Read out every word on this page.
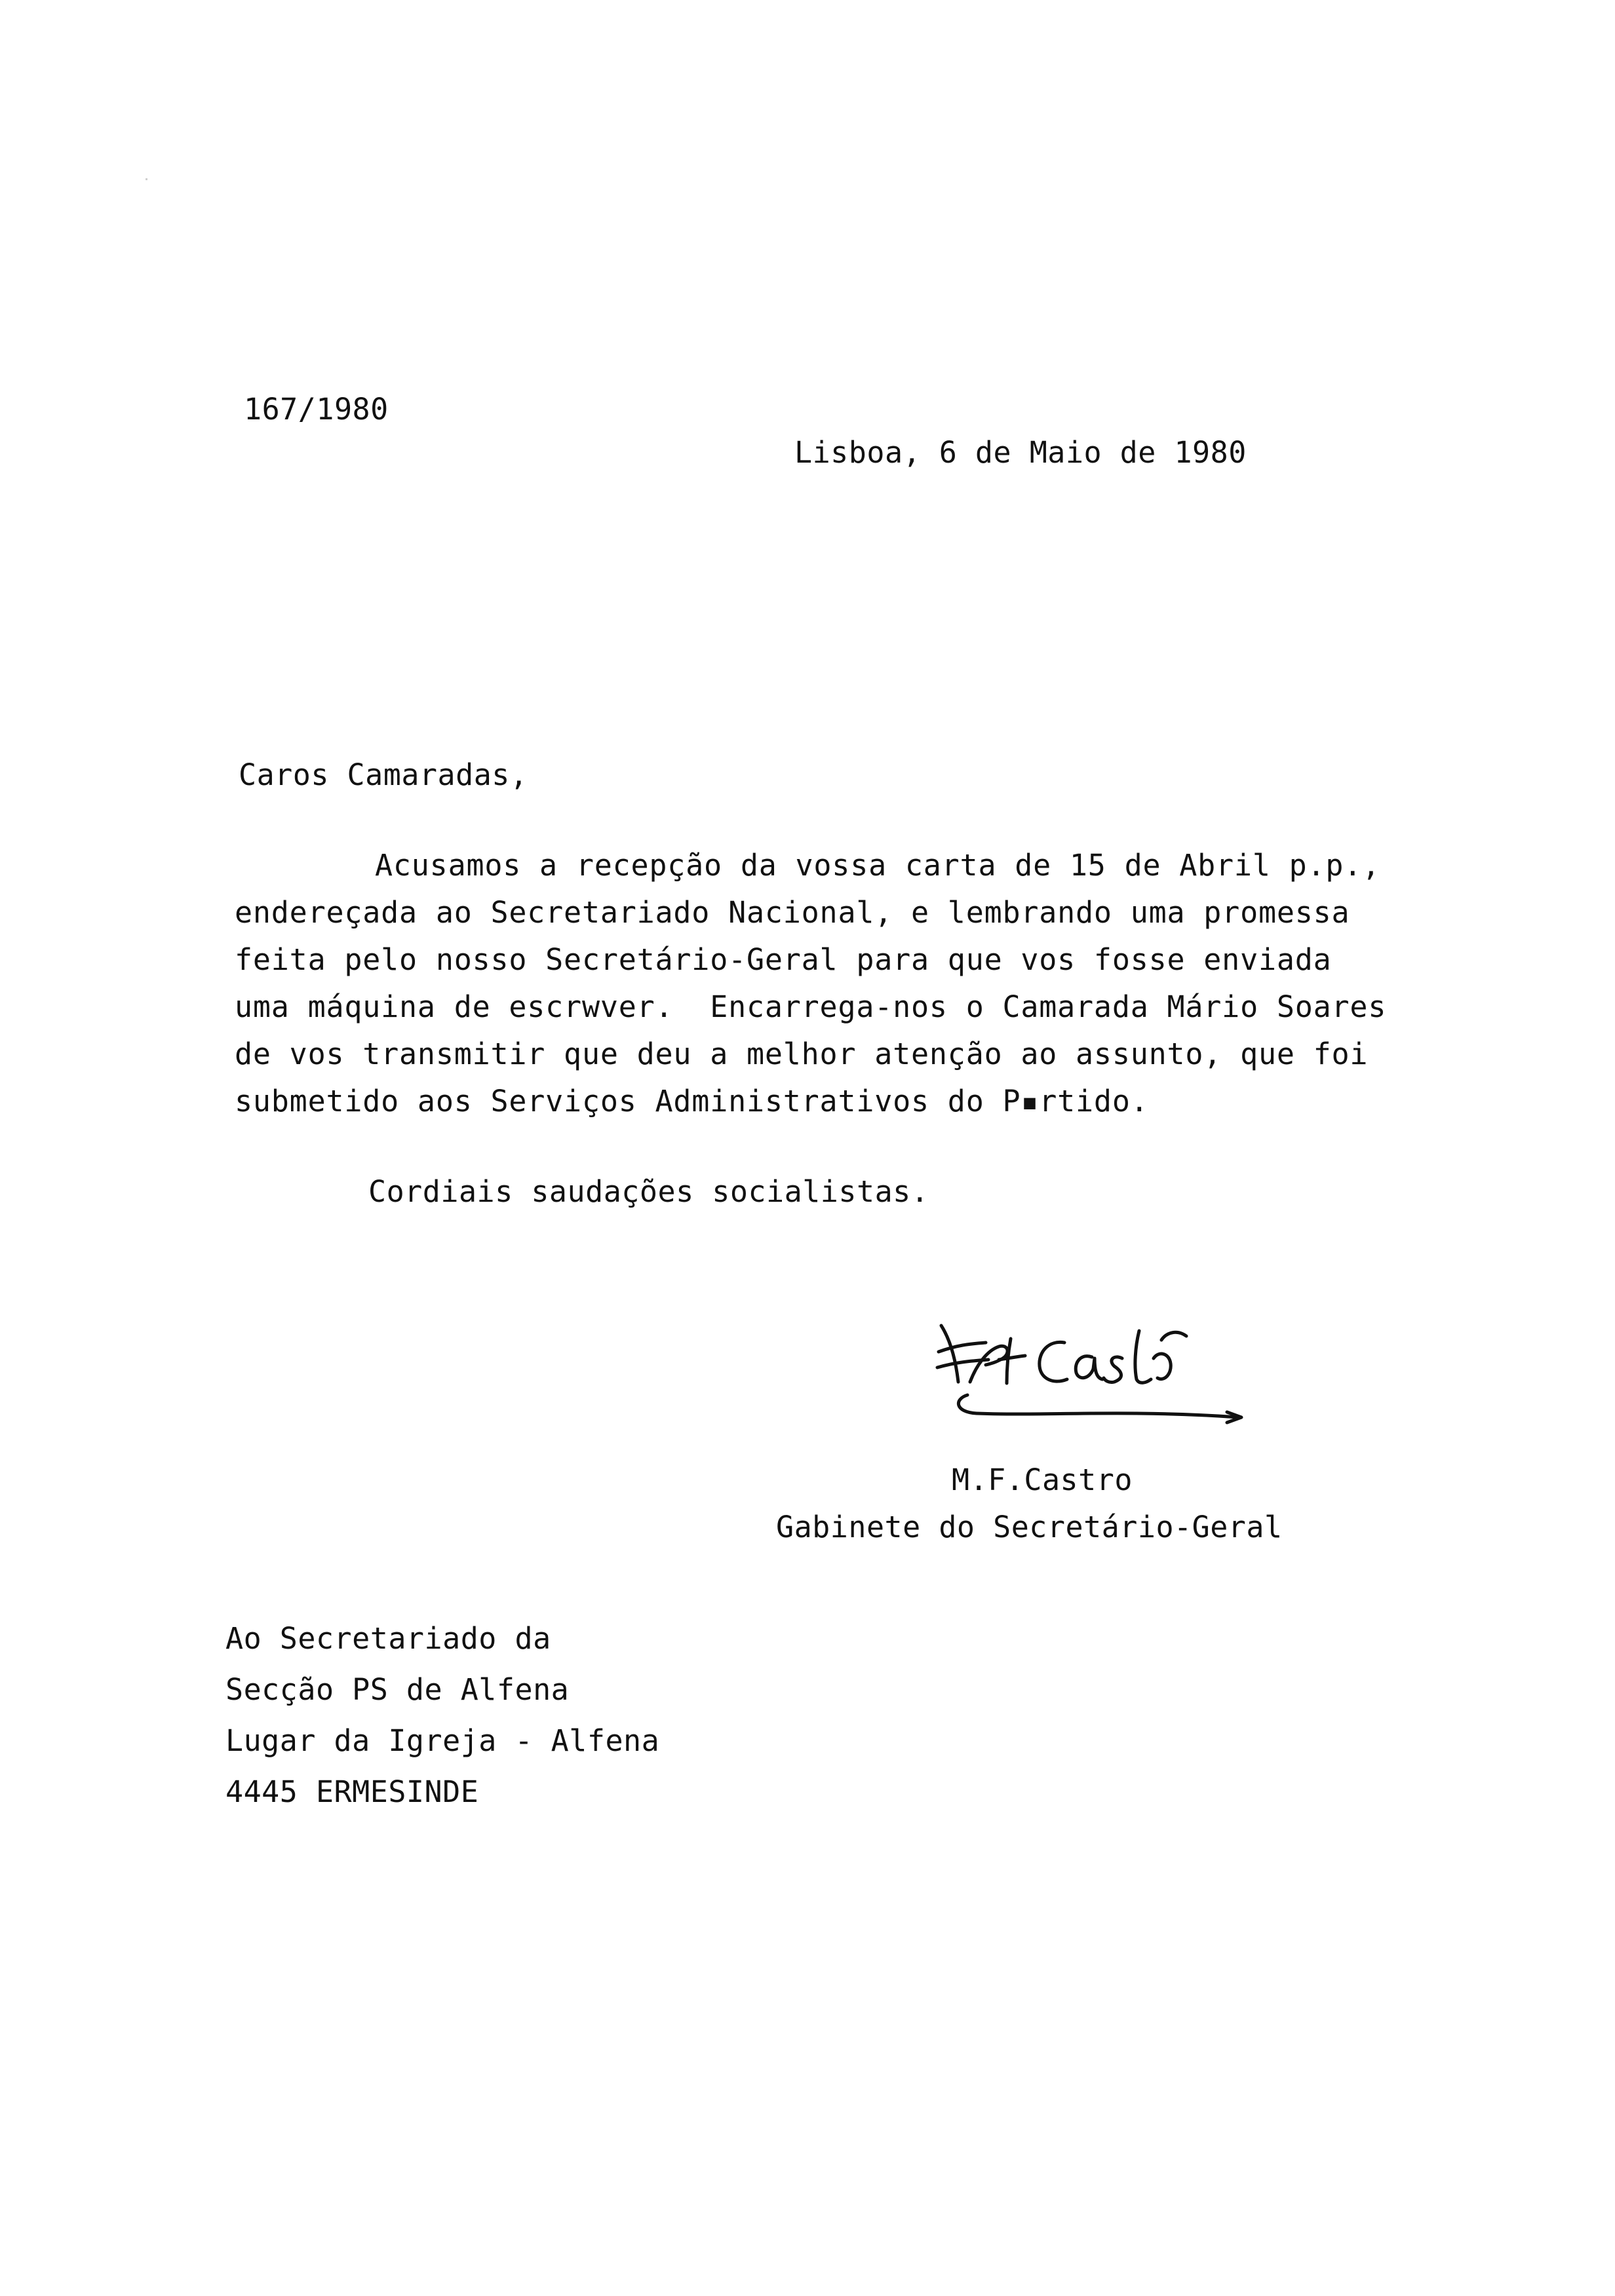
167/1980
Lisboa, 6 de Maio de 1980
Caros Camaradas,
Acusamos a recepção da vossa carta de 15 de Abril p.p.,
endereçada ao Secretariado Nacional, e lembrando uma promessa
feita pelo nosso Secretário-Geral para que vos fosse enviada
uma máquina de escrwver.  Encarrega-nos o Camarada Mário Soares
de vos transmitir que deu a melhor atenção ao assunto, que foi
submetido aos Serviços Administrativos do P▪rtido.
Cordiais saudações socialistas.
M.F.Castro
Gabinete do Secretário-Geral
Ao Secretariado da
Secção PS de Alfena
Lugar da Igreja - Alfena
4445 ERMESINDE
